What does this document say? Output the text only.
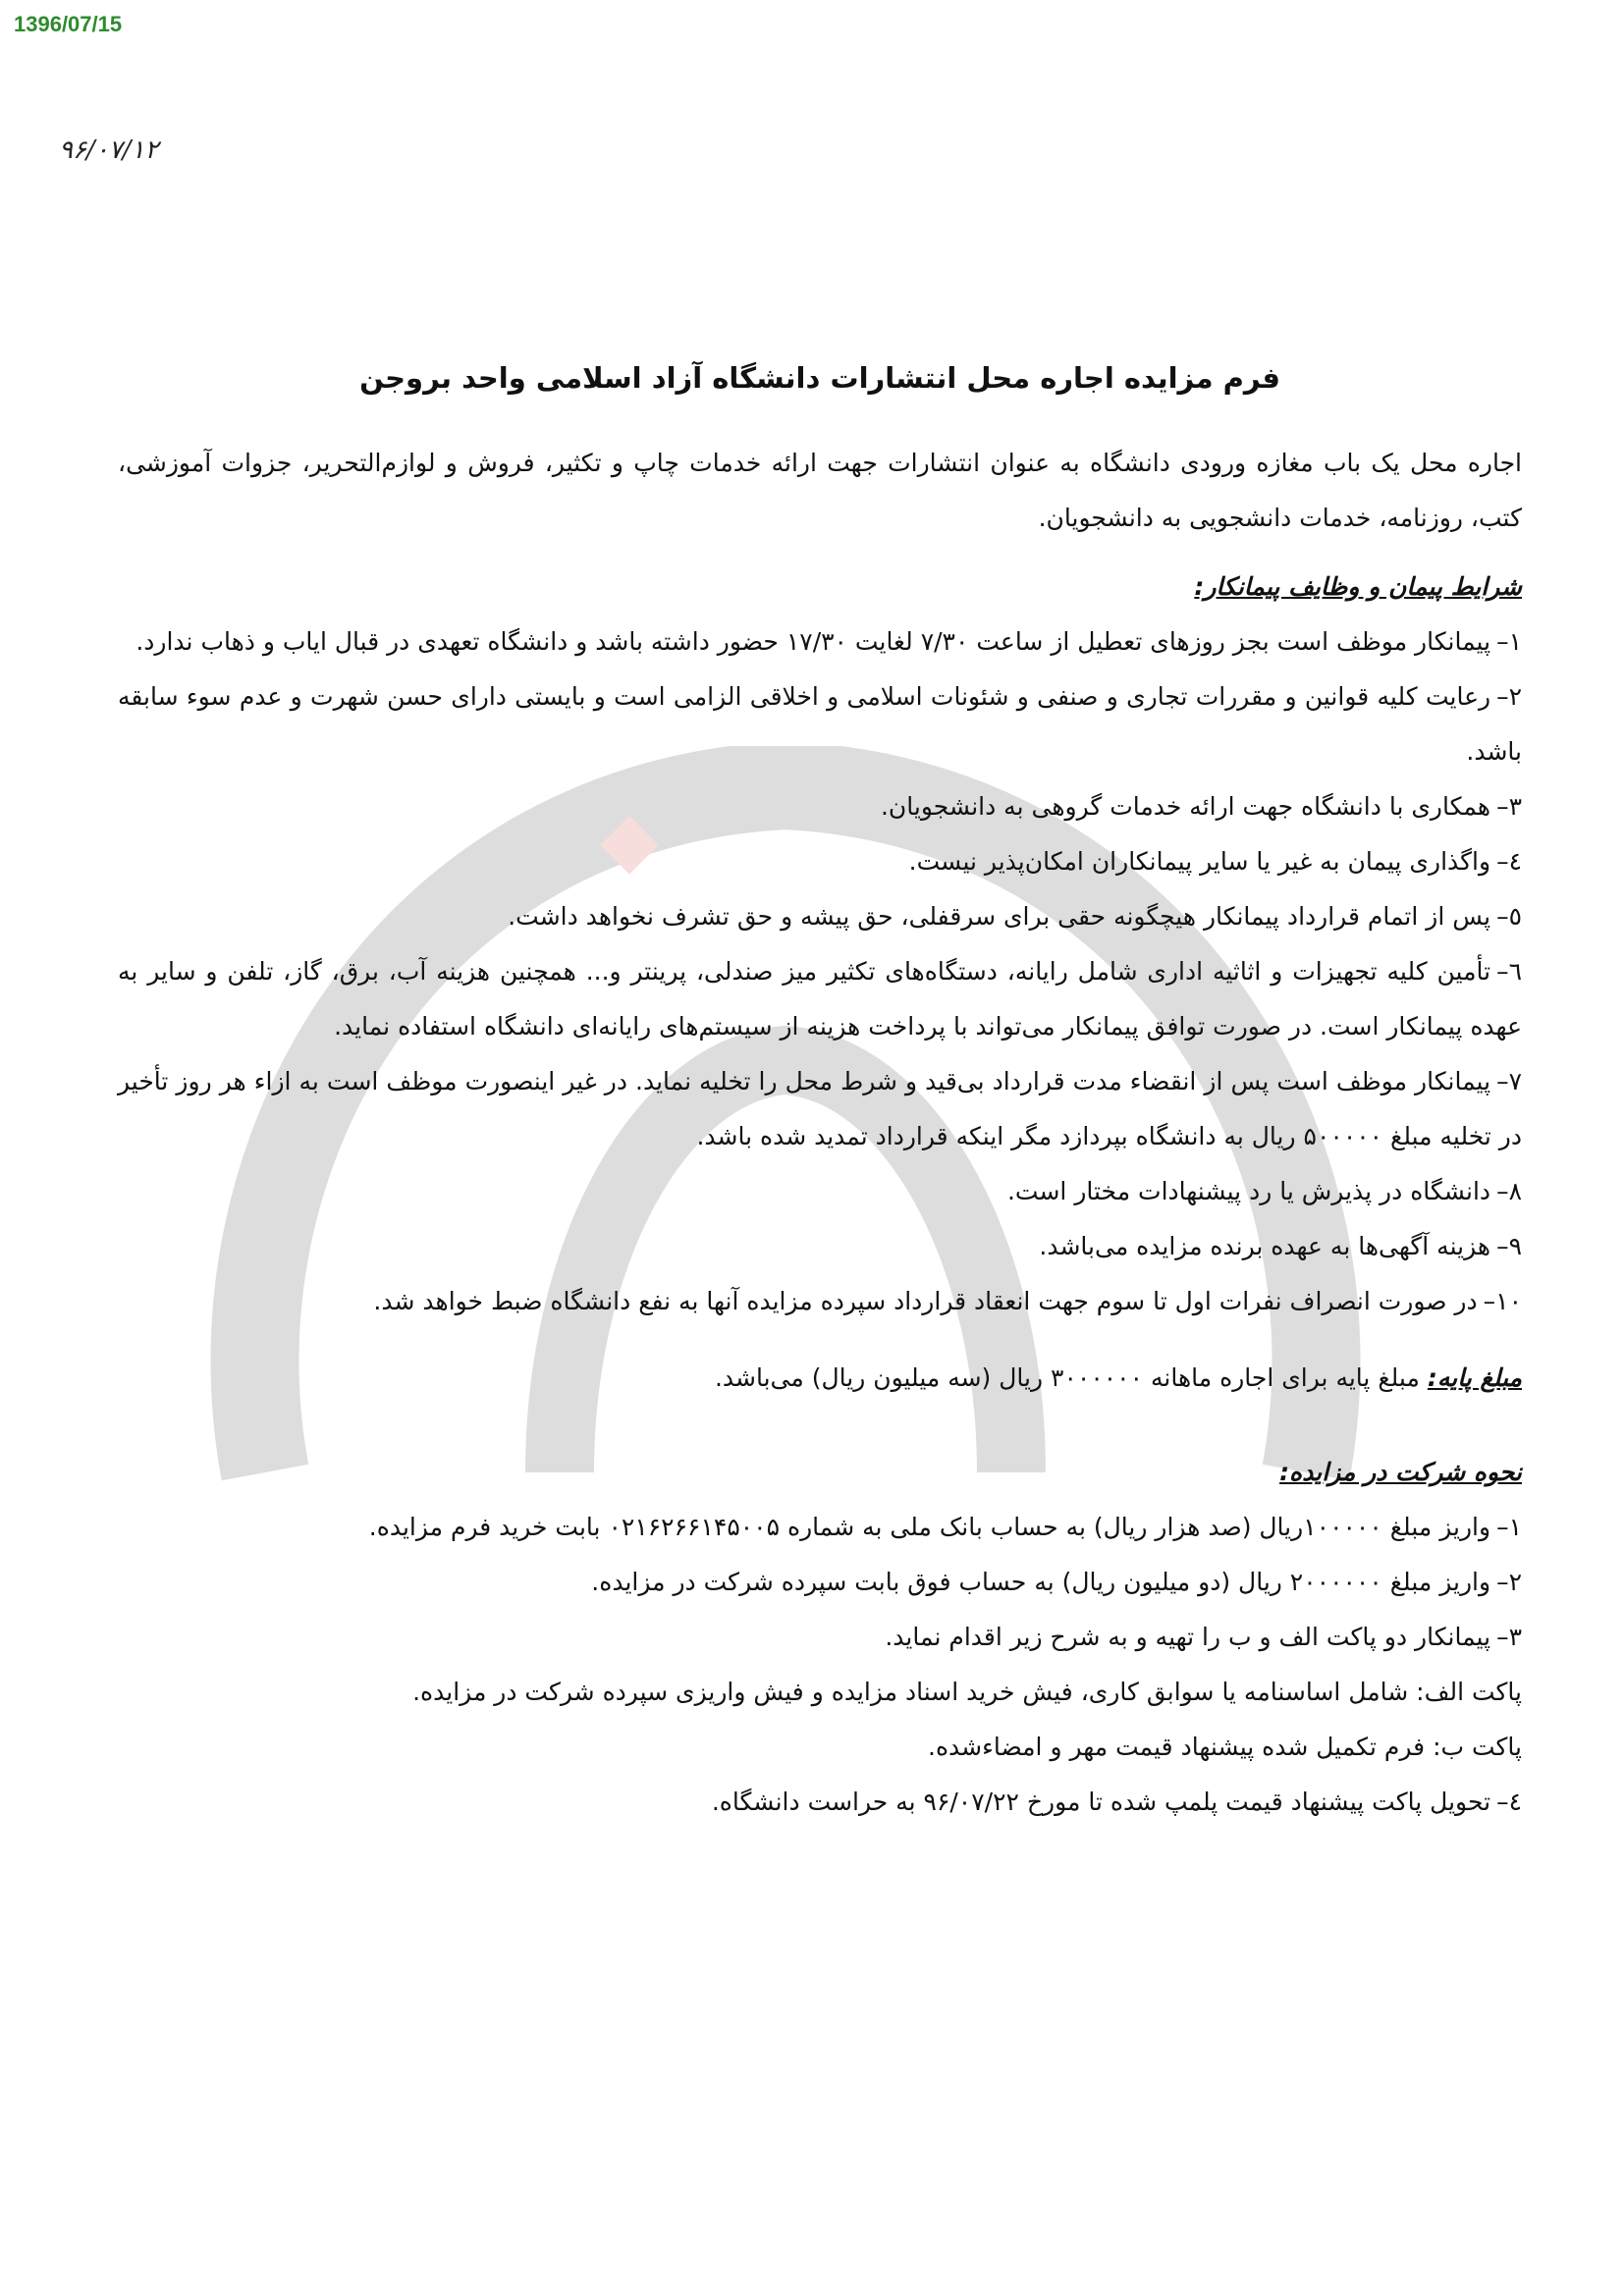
1396/07/15
۹۶/۰۷/۱۲
فرم مزایده اجاره محل انتشارات دانشگاه آزاد اسلامی واحد بروجن

اجاره محل یک باب مغازه ورودی دانشگاه به عنوان انتشارات جهت ارائه خدمات چاپ و تکثیر، فروش و لوازم‌التحریر، جزوات آموزشی، کتب، روزنامه، خدمات دانشجویی به دانشجویان.

شرایط پیمان و وظایف پیمانکار:

۱–پیمانکار موظف است بجز روزهای تعطیل از ساعت ۷/۳۰ لغایت ۱۷/۳۰ حضور داشته باشد و دانشگاه تعهدی در قبال ایاب و ذهاب ندارد.

۲–رعایت کلیه قوانین و مقررات تجاری و صنفی و شئونات اسلامی و اخلاقی الزامی است و بایستی دارای حسن شهرت و عدم سوء سابقه باشد.

۳–همکاری با دانشگاه جهت ارائه خدمات گروهی به دانشجویان.

٤–واگذاری پیمان به غیر یا سایر پیمانکاران امکان‌پذیر نیست.

٥–پس از اتمام قرارداد پیمانکار هیچگونه حقی برای سرقفلی، حق پیشه و حق تشرف نخواهد داشت.

٦–تأمین کلیه تجهیزات و اثاثیه اداری شامل رایانه، دستگاه‌های تکثیر میز صندلی، پرینتر و... همچنین هزینه آب، برق، گاز، تلفن و سایر به عهده پیمانکار است. در صورت توافق پیمانکار می‌تواند با پرداخت هزینه از سیستم‌های رایانه‌ای دانشگاه استفاده نماید.

۷–پیمانکار موظف است پس از انقضاء مدت قرارداد بی‌قید و شرط محل را تخلیه نماید. در غیر اینصورت موظف است به ازاء هر روز تأخیر در تخلیه مبلغ ۵۰۰۰۰۰ ریال به دانشگاه بپردازد مگر اینکه قرارداد تمدید شده باشد.

۸–دانشگاه در پذیرش یا رد پیشنهادات مختار است.

۹–هزینه آگهی‌ها به عهده برنده مزایده می‌باشد.

۱۰–در صورت انصراف نفرات اول تا سوم جهت انعقاد قرارداد سپرده مزایده آنها به نفع دانشگاه ضبط خواهد شد.

مبلغ پایه:مبلغ پایه برای اجاره ماهانه ۳۰۰۰۰۰۰ ریال (سه میلیون ریال) می‌باشد.

نحوه شرکت در مزایده:

۱–واریز مبلغ ۱۰۰۰۰۰ریال (صد هزار ریال) به حساب بانک ملی به شماره ۰۲۱۶۲۶۶۱۴۵۰۰۵ بابت خرید فرم مزایده.

۲–واریز مبلغ ۲۰۰۰۰۰۰ ریال (دو میلیون ریال) به حساب فوق بابت سپرده شرکت در مزایده.

۳–پیمانکار دو پاکت الف و ب را تهیه و به شرح زیر اقدام نماید.

پاکت الف: شامل اساسنامه یا سوابق کاری، فیش خرید اسناد مزایده و فیش واریزی سپرده شرکت در مزایده.

پاکت ب: فرم تکمیل شده پیشنهاد قیمت مهر و امضاءشده.

٤–تحویل پاکت پیشنهاد قیمت پلمپ شده تا مورخ ۹۶/۰۷/۲۲ به حراست دانشگاه.
